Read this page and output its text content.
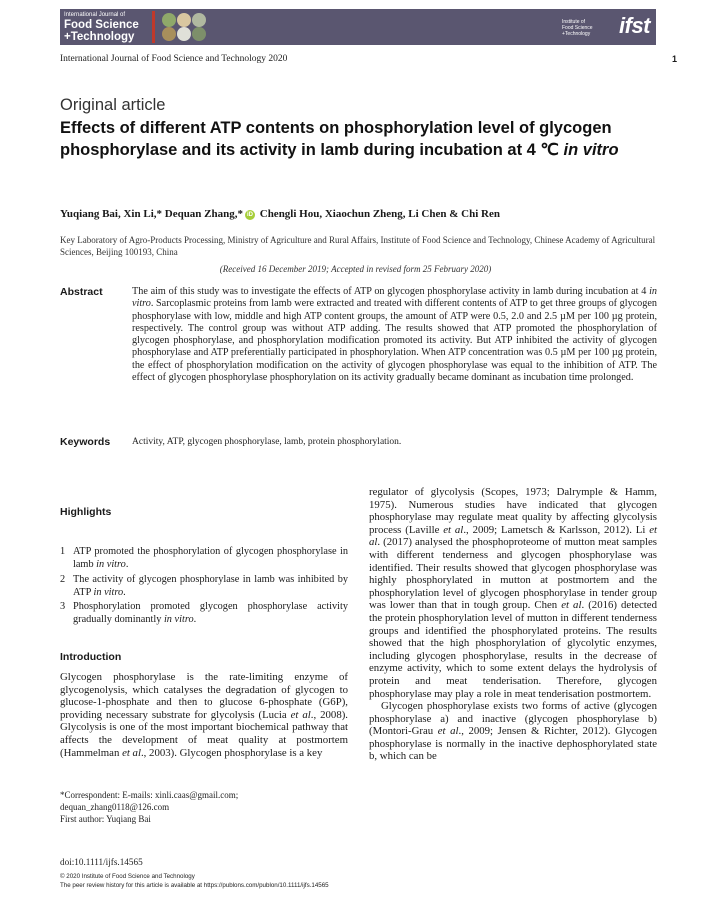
International Journal of
Food Science
+Technology
Institute of
Food Science
+Technology	ifst
International Journal of Food Science and Technology 2020	1
Original article
Effects of different ATP contents on phosphorylation level of glycogen phosphorylase and its activity in lamb during incubation at 4 ℃ in vitro
Yuqiang Bai, Xin Li,* Dequan Zhang,* iD Chengli Hou, Xiaochun Zheng, Li Chen & Chi Ren
Key Laboratory of Agro-Products Processing, Ministry of Agriculture and Rural Affairs, Institute of Food Science and Technology, Chinese Academy of Agricultural Sciences, Beijing 100193, China
(Received 16 December 2019; Accepted in revised form 25 February 2020)
Abstract	The aim of this study was to investigate the effects of ATP on glycogen phosphorylase activity in lamb during incubation at 4 in vitro. Sarcoplasmic proteins from lamb were extracted and treated with different contents of ATP to get three groups of glycogen phosphorylase with low, middle and high ATP content groups, the amount of ATP were 0.5, 2.0 and 2.5 µM per 100 µg protein, respectively. The control group was without ATP adding. The results showed that ATP promoted the phosphorylation of glycogen phosphorylase, and phosphorylation modification promoted its activity. But ATP inhibited the activity of glycogen phosphorylase and ATP preferentially participated in phosphorylation. When ATP concentration was 0.5 µM per 100 µg protein, the effect of phosphorylation modification on the activity of glycogen phosphorylase was equal to the inhibition of ATP. The effect of glycogen phosphorylase phosphorylation on its activity gradually became dominant as incubation time prolonged.

Keywords Activity, ATP, glycogen phosphorylase, lamb, protein phosphorylation.
Highlights
1 ATP promoted the phosphorylation of glycogen phosphorylase in lamb in vitro.
2 The activity of glycogen phosphorylase in lamb was inhibited by ATP in vitro.
3 Phosphorylation promoted glycogen phosphorylase activity gradually dominantly in vitro.
Introduction

Glycogen phosphorylase is the rate-limiting enzyme of glycogenolysis, which catalyses the degradation of glycogen to glucose-1-phosphate and then to glucose 6-phosphate (G6P), providing necessary substrate for glycolysis (Lucia et al., 2008). Glycolysis is one of the most important biochemical pathway that affects the development of meat quality at postmortem (Hammelman et al., 2003). Glycogen phosphorylase is a key

*Correspondent: E-mails: xinli.caas@gmail.com;
dequan_zhang0118@126.com
First author: Yuqiang Bai

regulator of glycolysis (Scopes, 1973; Dalrymple & Hamm, 1975). Numerous studies have indicated that glycogen phosphorylase may regulate meat quality by affecting glycolysis process (Laville et al., 2009; Lametsch & Karlsson, 2012). Li et al. (2017) analysed the phosphoproteome of mutton meat samples with different tenderness and glycogen phosphorylase was identified. Their results showed that glycogen phosphorylase was highly phosphorylated in mutton at postmortem and the phosphorylation level of glycogen phosphorylase in tender group was lower than that in tough group. Chen et al. (2016) detected the protein phosphorylation level of mutton in different tenderness groups and identified the phosphorylated proteins. The results showed that the high phosphorylation of glycolytic enzymes, including glycogen phosphorylase, results in the decrease of enzyme activity, which to some extent delays the hydrolysis of protein and meat tenderisation. Therefore, glycogen phosphorylase may play a role in meat tenderisation postmortem.

Glycogen phosphorylase exists two forms of active (glycogen phosphorylase a) and inactive (glycogen phosphorylase b) (Montori-Grau et al., 2009; Jensen & Richter, 2012). Glycogen phosphorylase is normally in the inactive dephosphorylated state b, which can be

doi:10.1111/ijfs.14565
© 2020 Institute of Food Science and Technology
The peer review history for this article is available at https://publons.com/publon/10.1111/ijfs.14565
